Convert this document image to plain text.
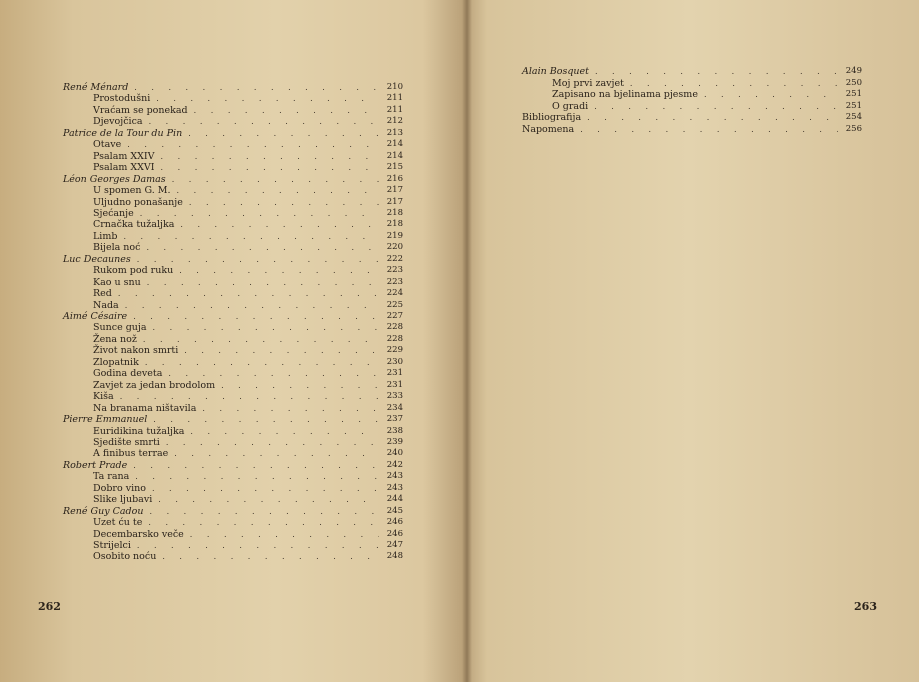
. . .
René Ménard	210
. . .
Prostodušni	211
. . .
Vraćam se ponekad	211
. . .
Djevojčica	212
. . .
Patrice de la Tour du Pin	213
. . .
Otave	214
. . .
Psalam XXIV	214
. . .
Psalam XXVI	215
. . .
Léon Georges Damas	216
. . .
U spomen G. M.	217
. . .
Uljudno ponašanje	217
. . .
Sjećanje	218
. . .
Crnačka tužaljka	218
. . .
Limb	219
. . .
Bijela noć	220
. . .
Luc Decaunes	222
. . .
Rukom pod ruku	223
. . .
Kao u snu	223
. . .
Red	224
. . .
Nada	225
. . .
Aimé Césaire	227
. . .
Sunce guja	228
. . .
Žena nož	228
. . .
Život nakon smrti	229
. . .
Zlopatnik	230
. . .
Godina deveta	231
. . .
Zavjet za jedan brodolom	231
. . .
Kiša	233
. . .
Na branama ništavila	234
. . .
Pierre Emmanuel	237
. . .
Euridikina tužaljka	238
. . .
Sjedište smrti	239
. . .
A finibus terrae	240
. . .
Robert Prade	242
. . .
Ta rana	243
. . .
Dobro vino	243
. . .
Slike ljubavi	244
. . .
René Guy Cadou	245
. . .
Uzet ću te	246
. . .
Decembarsko veče	246
. . .
Strijelci	247
. . .
Osobito noću	248
262
. . .
Alain Bosquet	249
. . .
Moj prvi zavjet	250
. . .
Zapisano na bjelinama pjesme	251
. . .
O gradi	251
. . .
Bibliografija	254
. . .
Napomena	256
263
